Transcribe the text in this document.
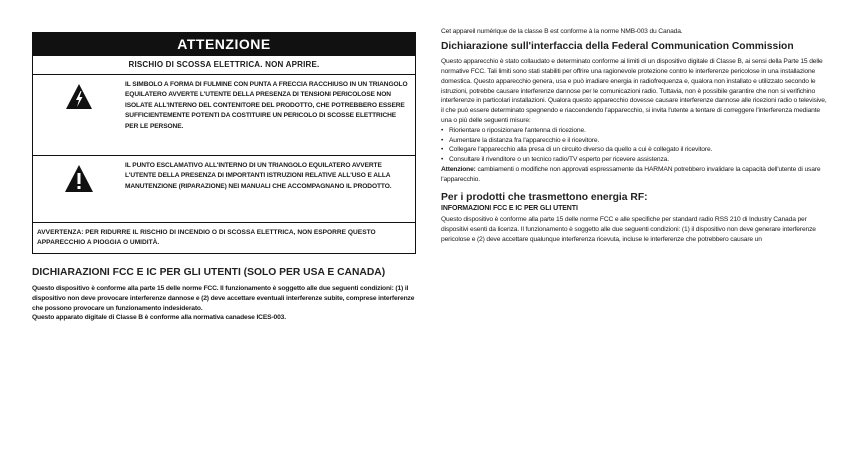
ATTENZIONE
RISCHIO DI SCOSSA ELETTRICA. NON APRIRE.
IL SIMBOLO A FORMA DI FULMINE CON PUNTA A FRECCIA RACCHIUSO IN UN TRIANGOLO EQUILATERO AVVERTE L'UTENTE DELLA PRESENZA DI TENSIONI PERICOLOSE NON ISOLATE ALL'INTERNO DEL CONTENITORE DEL PRODOTTO, CHE POTREBBERO ESSERE SUFFICIENTEMENTE POTENTI DA COSTITUIRE UN PERICOLO DI SCOSSE ELETTRICHE PER LE PERSONE.
IL PUNTO ESCLAMATIVO ALL'INTERNO DI UN TRIANGOLO EQUILATERO AVVERTE L'UTENTE DELLA PRESENZA DI IMPORTANTI ISTRUZIONI RELATIVE ALL'USO E ALLA MANUTENZIONE (RIPARAZIONE) NEI MANUALI CHE ACCOMPAGNANO IL PRODOTTO.
AVVERTENZA: PER RIDURRE IL RISCHIO DI INCENDIO O DI SCOSSA ELETTRICA, NON ESPORRE QUESTO APPARECCHIO A PIOGGIA O UMIDITÀ.
DICHIARAZIONI FCC E IC PER GLI UTENTI (SOLO PER USA E CANADA)

Questo dispositivo è conforme alla parte 15 delle norme FCC. Il funzionamento è soggetto alle due seguenti condizioni: (1) il dispositivo non deve provocare interferenze dannose e (2) deve accettare eventuali interferenze subite, comprese interferenze che possono provocare un funzionamento indesiderato.

Questo apparato digitale di Classe B è conforme alla normativa canadese ICES-003.

Cet appareil numérique de la classe B est conforme à la norme NMB-003 du Canada.

Dichiarazione sull'interfaccia della Federal Communication Commission

Questo apparecchio è stato collaudato e determinato conforme ai limiti di un dispositivo digitale di Classe B, ai sensi della Parte 15 delle normative FCC. Tali limiti sono stati stabiliti per offrire una ragionevole protezione contro le interferenze pericolose in una installazione domestica. Questo apparecchio genera, usa e può irradiare energia in radiofrequenza e, qualora non installato e utilizzato secondo le istruzioni, potrebbe causare interferenze dannose per le comunicazioni radio. Tuttavia, non è possibile garantire che non si verifichino interferenze in particolari installazioni. Qualora questo apparecchio dovesse causare interferenze dannose alle ricezioni radio o televisive, il che può essere determinato spegnendo e riaccendendo l'apparecchio, si invita l'utente a tentare di correggere l'interferenza mediante una o più delle seguenti misure:

• Riorientare o riposizionare l'antenna di ricezione.
• Aumentare la distanza fra l'apparecchio e il ricevitore.
• Collegare l'apparecchio alla presa di un circuito diverso da quello a cui è collegato il ricevitore.
• Consultare il rivenditore o un tecnico radio/TV esperto per ricevere assistenza.

Attenzione: cambiamenti o modifiche non approvati espressamente da HARMAN potrebbero invalidare la capacità dell'utente di usare l'apparecchio.

Per i prodotti che trasmettono energia RF:
INFORMAZIONI FCC E IC PER GLI UTENTI

Questo dispositivo è conforme alla parte 15 delle norme FCC e alle specifiche per standard radio RSS 210 di Industry Canada per dispositivi esenti da licenza. Il funzionamento è soggetto alle due seguenti condizioni: (1) il dispositivo non deve generare interferenze pericolose e (2) deve accettare qualunque interferenza ricevuta, incluse le interferenze che potrebbero causare un
